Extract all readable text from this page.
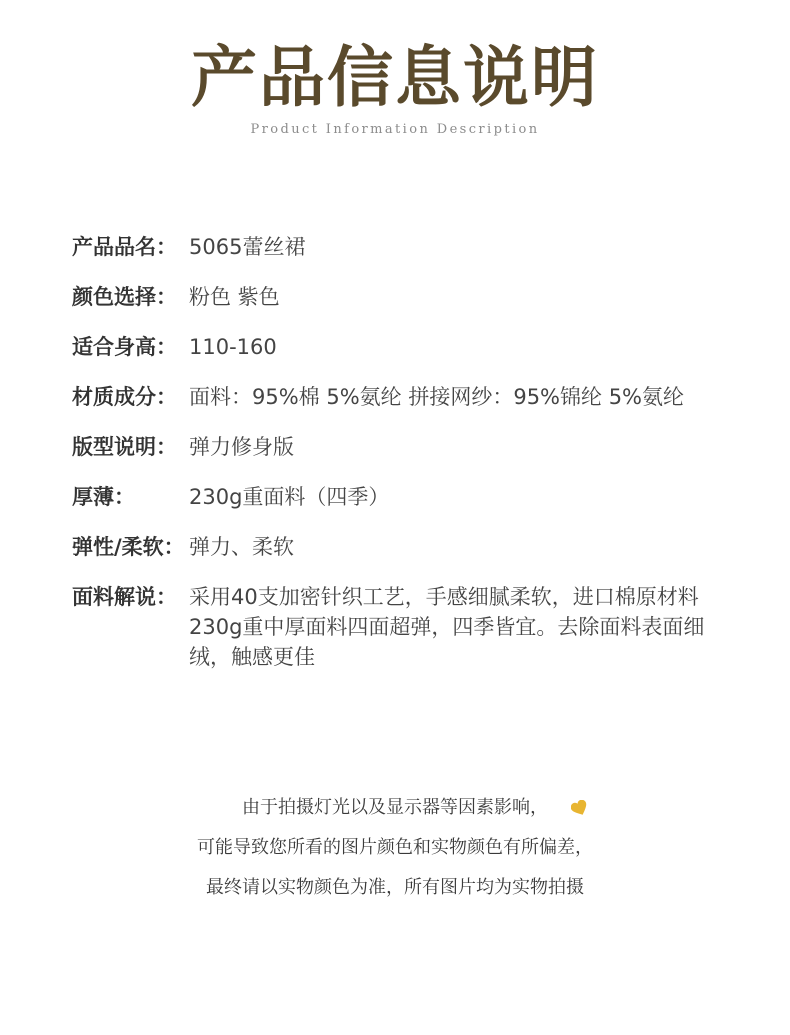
产品信息说明
Product Information Description
产品品名： 5065蕾丝裙
颜色选择： 粉色 紫色
适合身高： 110-160
材质成分： 面料：95%棉 5%氨纶 拼接网纱：95%锦纶 5%氨纶
版型说明： 弹力修身版
厚薄：	230g重面料（四季）
弹性/柔软： 弹力、柔软
面料解说： 采用40支加密针织工艺，手感细腻柔软，进口棉原材料
230g重中厚面料四面超弹，四季皆宜。去除面料表面细
绒，触感更佳
由于拍摄灯光以及显示器等因素影响，
可能导致您所看的图片颜色和实物颜色有所偏差，
最终请以实物颜色为准，所有图片均为实物拍摄
